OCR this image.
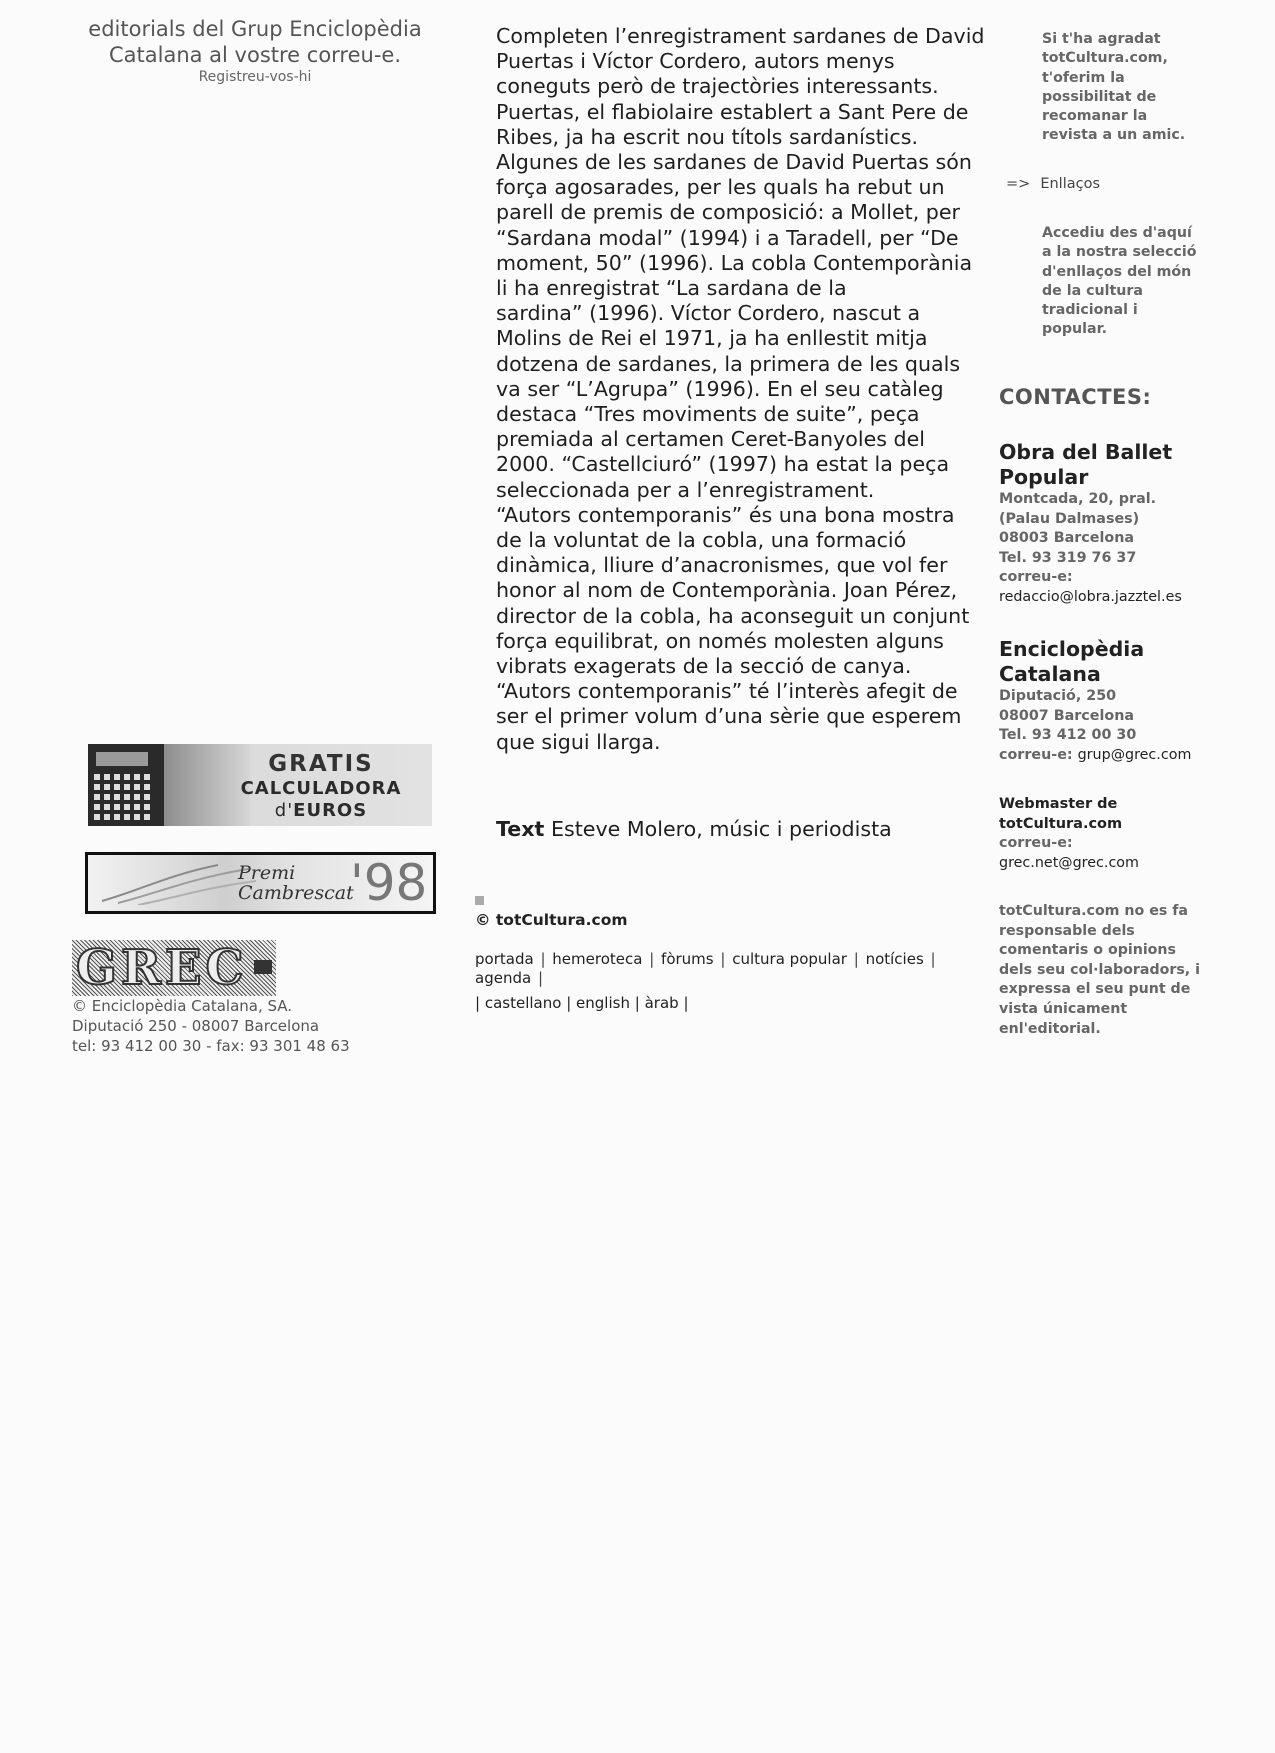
editorials del Grup Enciclopèdia
Catalana al vostre correu-e.
Registreu-vos-hi
GRATIS
CALCULADORA
d'EUROS
Premi
Cambrescat
'98
GREC
© Enciclopèdia Catalana, SA.
Diputació 250 - 08007 Barcelona
tel: 93 412 00 30 - fax: 93 301 48 63
Completen l’enregistrament sardanes de David
Puertas i Víctor Cordero, autors menys
coneguts però de trajectòries interessants.
Puertas, el flabiolaire establert a Sant Pere de
Ribes, ja ha escrit nou títols sardanístics.
Algunes de les sardanes de David Puertas són
força agosarades, per les quals ha rebut un
parell de premis de composició: a Mollet, per
“Sardana modal” (1994) i a Taradell, per “De
moment, 50” (1996). La cobla Contemporània
li ha enregistrat “La sardana de la
sardina” (1996). Víctor Cordero, nascut a
Molins de Rei el 1971, ja ha enllestit mitja
dotzena de sardanes, la primera de les quals
va ser “L’Agrupa” (1996). En el seu catàleg
destaca “Tres moviments de suite”, peça
premiada al certamen Ceret-Banyoles del
2000. “Castellciuró” (1997) ha estat la peça
seleccionada per a l’enregistrament.
“Autors contemporanis” és una bona mostra
de la voluntat de la cobla, una formació
dinàmica, lliure d’anacronismes, que vol fer
honor al nom de Contemporània. Joan Pérez,
director de la cobla, ha aconseguit un conjunt
força equilibrat, on només molesten alguns
vibrats exagerats de la secció de canya.
“Autors contemporanis” té l’interès afegit de
ser el primer volum d’una sèrie que esperem
que sigui llarga.
Text Esteve Molero, músic i periodista
© totCultura.com
portada | hemeroteca | fòrums | cultura popular | notícies |
agenda |
| castellano | english | àrab |
Si t'ha agradat
totCultura.com,
t'oferim la
possibilitat de
recomanar la
revista a un amic.
=> Enllaços
Accediu des d'aquí
a la nostra selecció
d'enllaços del món
de la cultura
tradicional i
popular.
CONTACTES:
Obra del Ballet
Popular
Montcada, 20, pral.
(Palau Dalmases)
08003 Barcelona
Tel. 93 319 76 37
correu-e:
redaccio@lobra.jazztel.es
Enciclopèdia
Catalana
Diputació, 250
08007 Barcelona
Tel. 93 412 00 30
correu-e: grup@grec.com
Webmaster de
totCultura.com
correu-e:
grec.net@grec.com
totCultura.com no es fa
responsable dels
comentaris o opinions
dels seu col·laboradors, i
expressa el seu punt de
vista únicament
enl'editorial.
